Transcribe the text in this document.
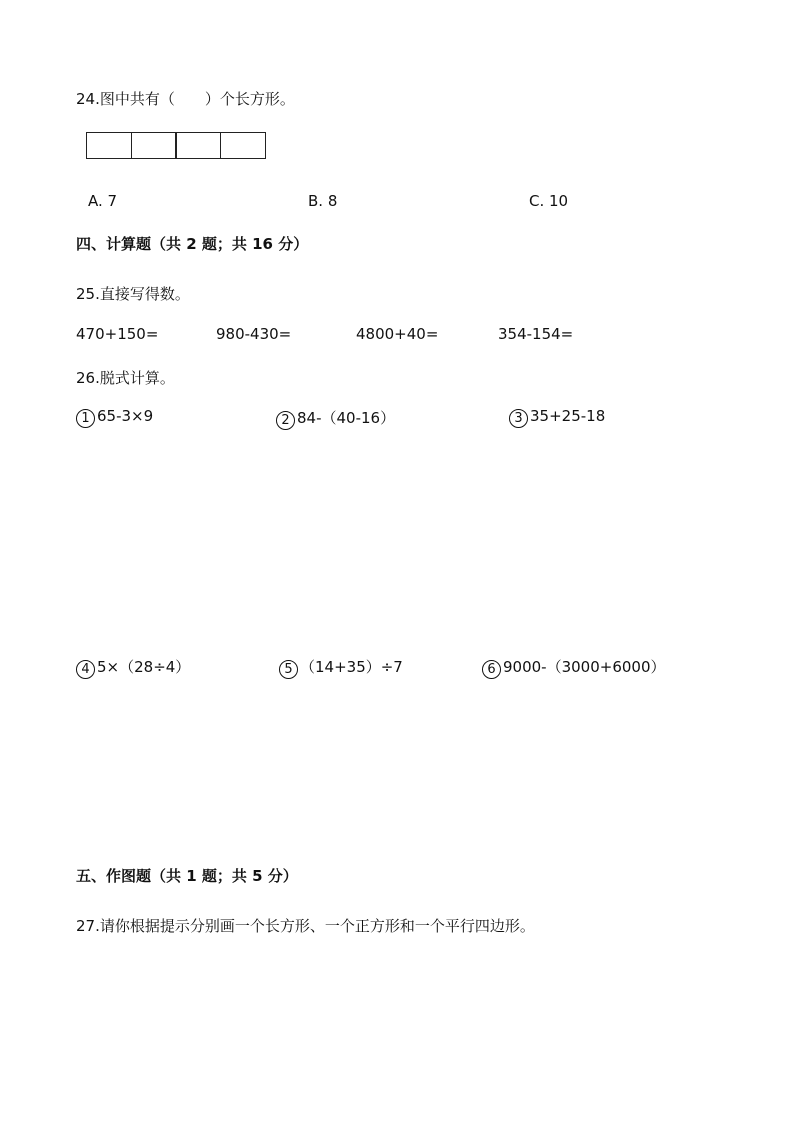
24.图中共有（　　）个长方形。
A. 7	B. 8	C. 10
四、计算题（共 2 题；共 16 分）
25.直接写得数。
470+150=	980-430=	4800+40=	354-154=
26.脱式计算。
1 65-3×9	2 84-（40-16）	3 35+25-18
4 5×（28÷4）	5 （14+35）÷7	6 9000-（3000+6000）
五、作图题（共 1 题；共 5 分）
27.请你根据提示分别画一个长方形、一个正方形和一个平行四边形。
